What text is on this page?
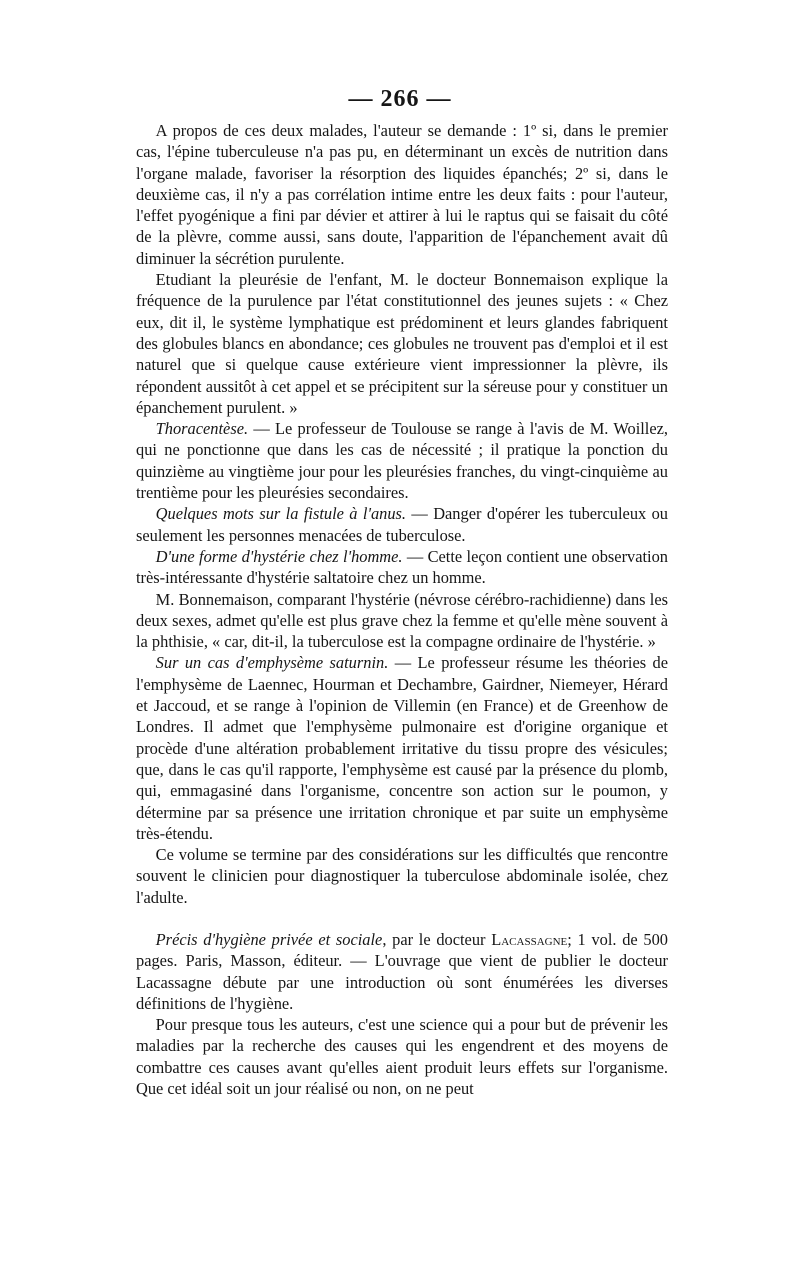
— 266 —

A propos de ces deux malades, l'auteur se demande : 1º si, dans le premier cas, l'épine tuberculeuse n'a pas pu, en déterminant un excès de nutrition dans l'organe malade, favoriser la résorption des liquides épanchés; 2º si, dans le deuxième cas, il n'y a pas corrélation intime entre les deux faits : pour l'auteur, l'effet pyogénique a fini par dévier et attirer à lui le raptus qui se faisait du côté de la plèvre, comme aussi, sans doute, l'apparition de l'épanchement avait dû diminuer la sécrétion purulente.

Etudiant la pleurésie de l'enfant, M. le docteur Bonnemaison explique la fréquence de la purulence par l'état constitutionnel des jeunes sujets : « Chez eux, dit il, le système lymphatique est prédominent et leurs glandes fabriquent des globules blancs en abondance; ces globules ne trouvent pas d'emploi et il est naturel que si quelque cause extérieure vient impressionner la plèvre, ils répondent aussitôt à cet appel et se précipitent sur la séreuse pour y constituer un épanchement purulent. »

Thoracentèse. — Le professeur de Toulouse se range à l'avis de M. Woillez, qui ne ponctionne que dans les cas de nécessité ; il pratique la ponction du quinzième au vingtième jour pour les pleurésies franches, du vingt-cinquième au trentième pour les pleurésies secondaires.

Quelques mots sur la fistule à l'anus. — Danger d'opérer les tuberculeux ou seulement les personnes menacées de tuberculose.

D'une forme d'hystérie chez l'homme. — Cette leçon contient une observation très-intéressante d'hystérie saltatoire chez un homme.

M. Bonnemaison, comparant l'hystérie (névrose cérébro-rachidienne) dans les deux sexes, admet qu'elle est plus grave chez la femme et qu'elle mène souvent à la phthisie, « car, dit-il, la tuberculose est la compagne ordinaire de l'hystérie. »

Sur un cas d'emphysème saturnin. — Le professeur résume les théories de l'emphysème de Laennec, Hourman et Dechambre, Gairdner, Niemeyer, Hérard et Jaccoud, et se range à l'opinion de Villemin (en France) et de Greenhow de Londres. Il admet que l'emphysème pulmonaire est d'origine organique et procède d'une altération probablement irritative du tissu propre des vésicules; que, dans le cas qu'il rapporte, l'emphysème est causé par la présence du plomb, qui, emmagasiné dans l'organisme, concentre son action sur le poumon, y détermine par sa présence une irritation chronique et par suite un emphysème très-étendu.

Ce volume se termine par des considérations sur les difficultés que rencontre souvent le clinicien pour diagnostiquer la tuberculose abdominale isolée, chez l'adulte.

Précis d'hygiène privée et sociale, par le docteur Lacassagne; 1 vol. de 500 pages. Paris, Masson, éditeur. — L'ouvrage que vient de publier le docteur Lacassagne débute par une introduction où sont énumérées les diverses définitions de l'hygiène.

Pour presque tous les auteurs, c'est une science qui a pour but de prévenir les maladies par la recherche des causes qui les engendrent et des moyens de combattre ces causes avant qu'elles aient produit leurs effets sur l'organisme. Que cet idéal soit un jour réalisé ou non, on ne peut
